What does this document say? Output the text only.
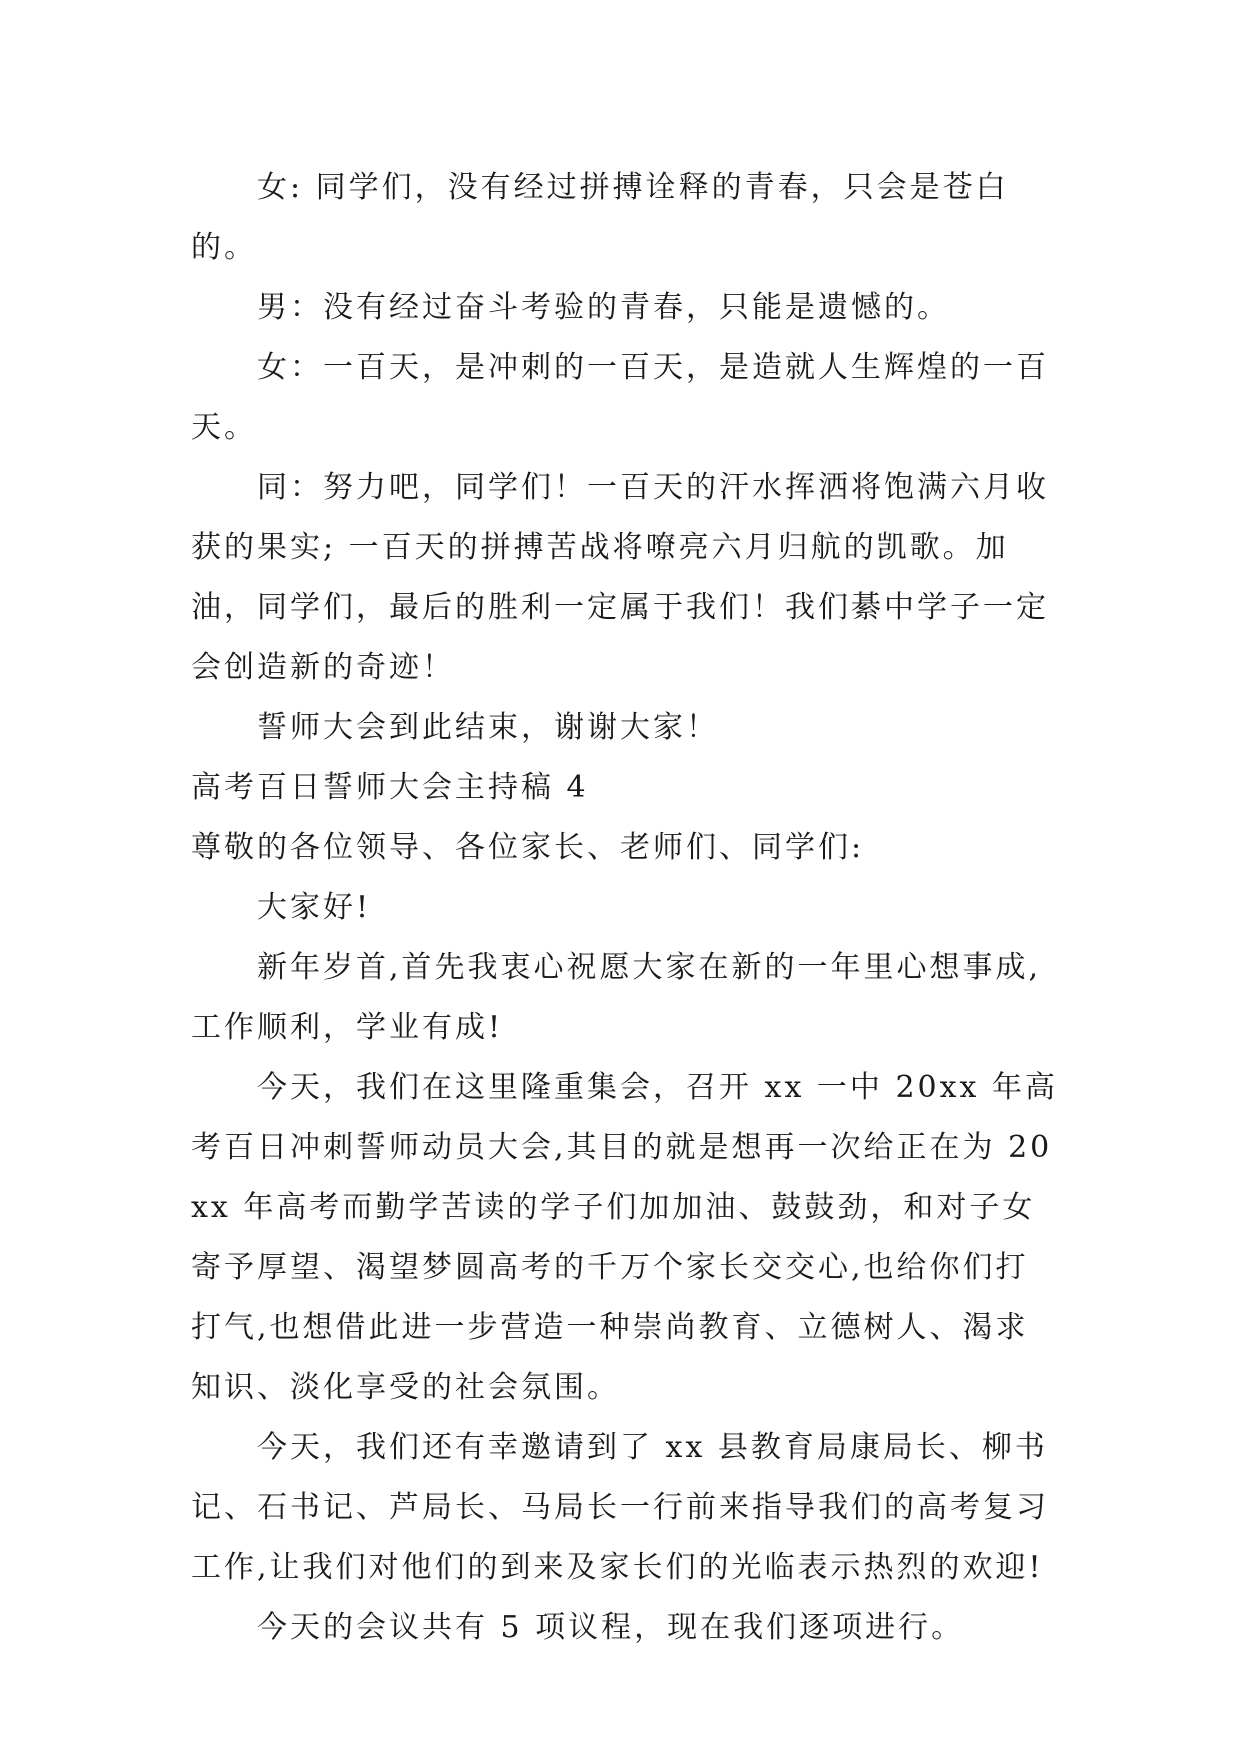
女: 同学们，没有经过拼搏诠释的青春，只会是苍白的。

男：没有经过奋斗考验的青春，只能是遗憾的。

女：一百天，是冲刺的一百天，是造就人生辉煌的一百天。

同：努力吧，同学们！一百天的汗水挥洒将饱满六月收获的果实; 一百天的拼搏苦战将嘹亮六月归航的凯歌。加油，同学们，最后的胜利一定属于我们！我们綦中学子一定会创造新的奇迹！

誓师大会到此结束，谢谢大家！

高考百日誓师大会主持稿 4

尊敬的各位领导、各位家长、老师们、同学们:

大家好!

新年岁首,首先我衷心祝愿大家在新的一年里心想事成,工作顺利，学业有成!

今天，我们在这里隆重集会，召开 xx 一中 20xx 年高考百日冲刺誓师动员大会,其目的就是想再一次给正在为 20xx 年高考而勤学苦读的学子们加加油、鼓鼓劲，和对子女寄予厚望、渴望梦圆高考的千万个家长交交心,也给你们打打气,也想借此进一步营造一种崇尚教育、立德树人、渴求知识、淡化享受的社会氛围。

今天，我们还有幸邀请到了 xx 县教育局康局长、柳书记、石书记、芦局长、马局长一行前来指导我们的高考复习工作,让我们对他们的到来及家长们的光临表示热烈的欢迎!

今天的会议共有 5 项议程，现在我们逐项进行。
